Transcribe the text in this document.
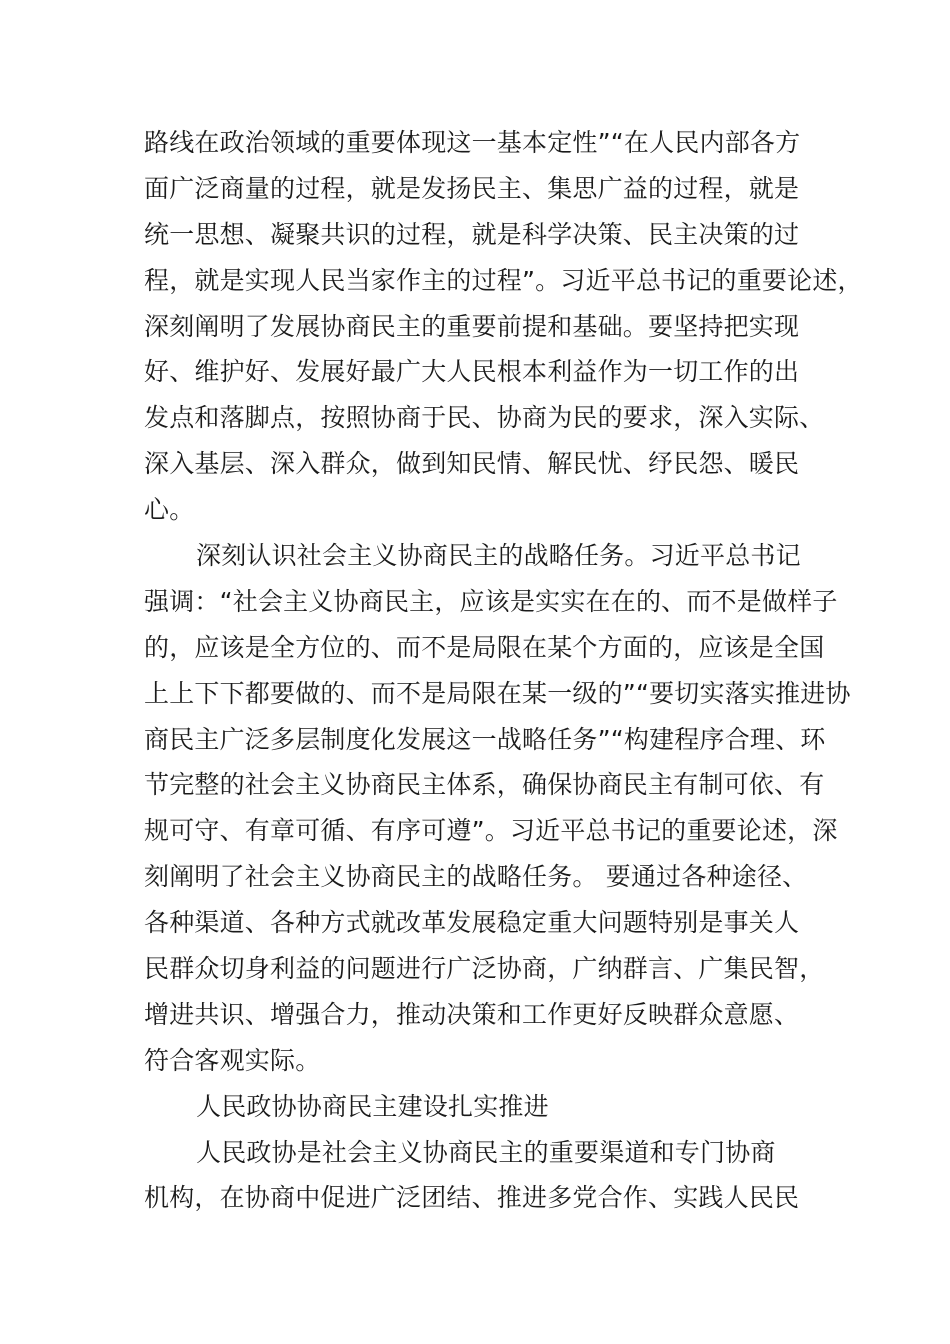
路线在政治领域的重要体现这一基本定性”“在人民内部各方
面广泛商量的过程，就是发扬民主、集思广益的过程，就是
统一思想、凝聚共识的过程，就是科学决策、民主决策的过
程，就是实现人民当家作主的过程”。习近平总书记的重要论述，
深刻阐明了发展协商民主的重要前提和基础。要坚持把实现
好、维护好、发展好最广大人民根本利益作为一切工作的出
发点和落脚点，按照协商于民、协商为民的要求，深入实际、
深入基层、深入群众，做到知民情、解民忧、纾民怨、暖民
心。
深刻认识社会主义协商民主的战略任务。习近平总书记
强调：“社会主义协商民主，应该是实实在在的、而不是做样子
的，应该是全方位的、而不是局限在某个方面的，应该是全国
上上下下都要做的、而不是局限在某一级的”“要切实落实推进协
商民主广泛多层制度化发展这一战略任务”“构建程序合理、环
节完整的社会主义协商民主体系，确保协商民主有制可依、有
规可守、有章可循、有序可遵”。习近平总书记的重要论述，深
刻阐明了社会主义协商民主的战略任务。 要通过各种途径、
各种渠道、各种方式就改革发展稳定重大问题特别是事关人
民群众切身利益的问题进行广泛协商，广纳群言、广集民智，
增进共识、增强合力，推动决策和工作更好反映群众意愿、
符合客观实际。
人民政协协商民主建设扎实推进
人民政协是社会主义协商民主的重要渠道和专门协商
机构，在协商中促进广泛团结、推进多党合作、实践人民民
